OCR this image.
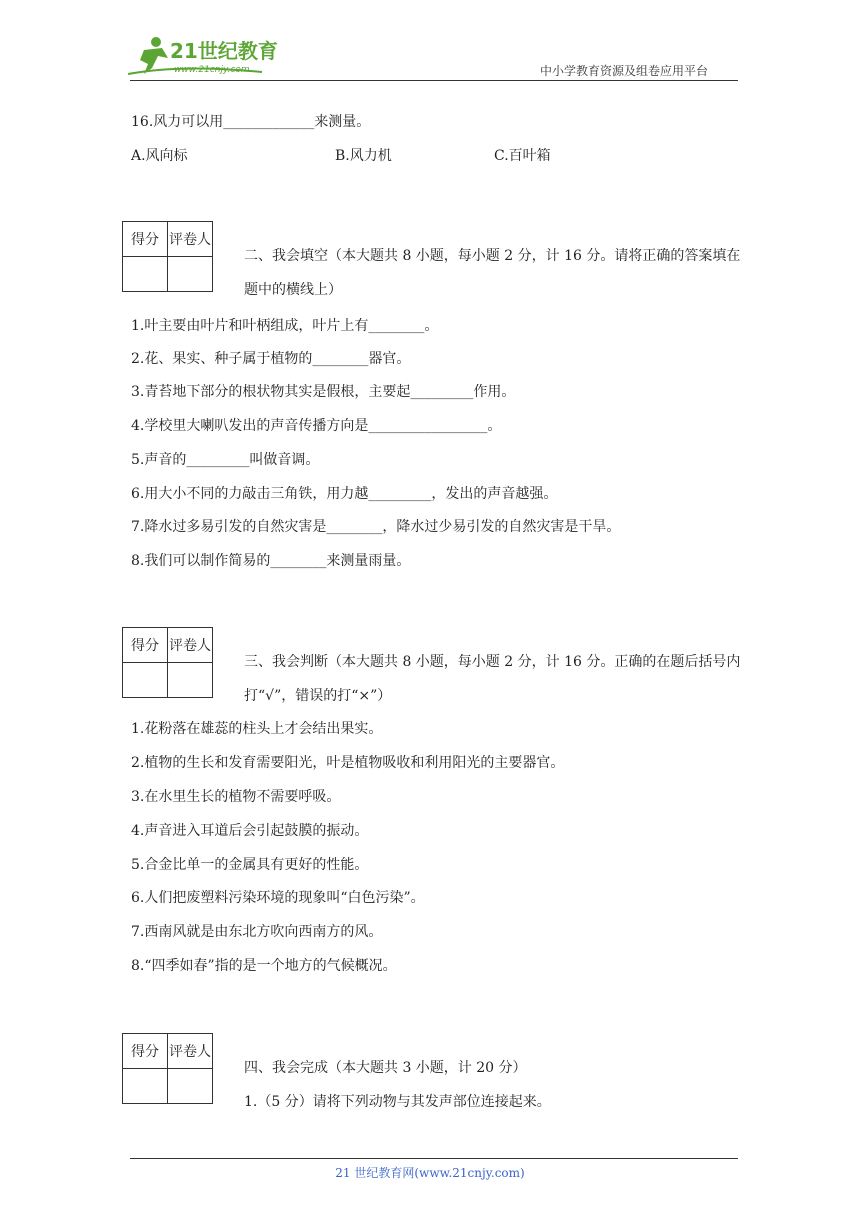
21世纪教育
www.21cnjy.com	中小学教育资源及组卷应用平台
16.风力可以用_____________来测量。
A.风向标	B.风力机	C.百叶箱
得分	评卷人

二、我会填空（本大题共 8 小题，每小题 2 分，计 16 分。请将正确的答案填在题中的横线上）
1.叶主要由叶片和叶柄组成，叶片上有________。
2.花、果实、种子属于植物的________器官。
3.青苔地下部分的根状物其实是假根，主要起_________作用。
4.学校里大喇叭发出的声音传播方向是_________________。
5.声音的_________叫做音调。
6.用大小不同的力敲击三角铁，用力越_________，发出的声音越强。
7.降水过多易引发的自然灾害是________，降水过少易引发的自然灾害是干旱。
8.我们可以制作简易的________来测量雨量。
得分	评卷人

三、我会判断（本大题共 8 小题，每小题 2 分，计 16 分。正确的在题后括号内打“√”，错误的打“×”）
1.花粉落在雄蕊的柱头上才会结出果实。
2.植物的生长和发育需要阳光，叶是植物吸收和利用阳光的主要器官。
3.在水里生长的植物不需要呼吸。
4.声音进入耳道后会引起鼓膜的振动。
5.合金比单一的金属具有更好的性能。
6.人们把废塑料污染环境的现象叫“白色污染”。
7.西南风就是由东北方吹向西南方的风。
8.“四季如春”指的是一个地方的气候概况。
得分	评卷人

四、我会完成（本大题共 3 小题，计 20 分）
1.（5 分）请将下列动物与其发声部位连接起来。
21 世纪教育网(www.21cnjy.com)
